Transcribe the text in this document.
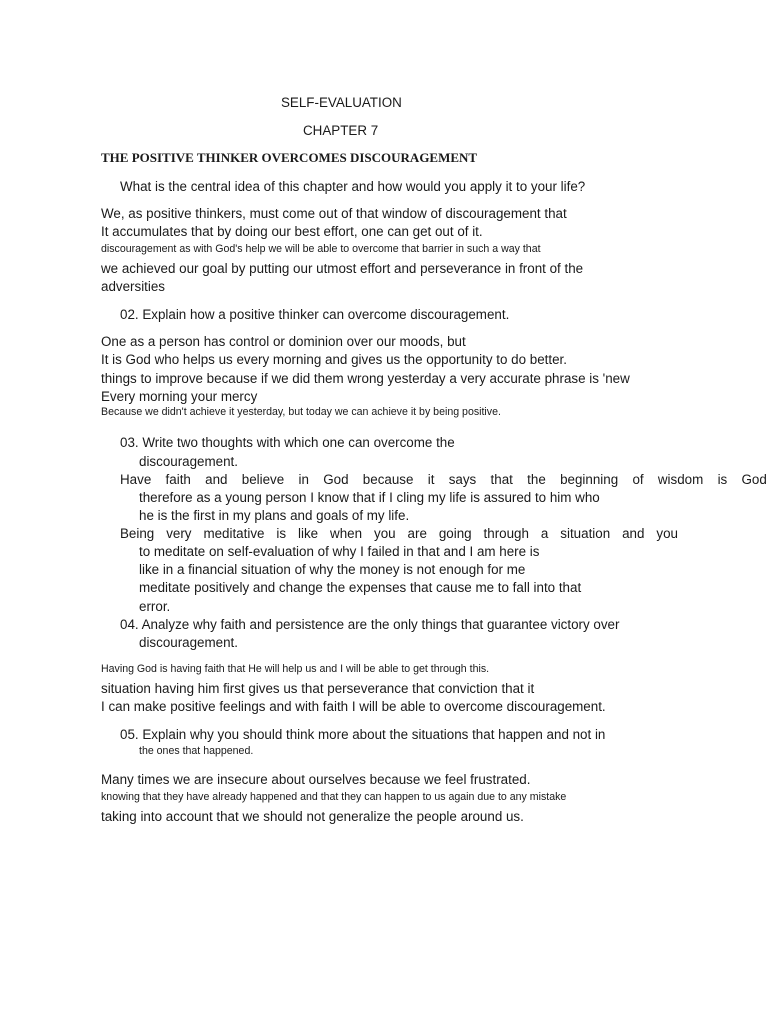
SELF-EVALUATION
CHAPTER 7
THE POSITIVE THINKER OVERCOMES DISCOURAGEMENT
What is the central idea of this chapter and how would you apply it to your life?
We, as positive thinkers, must come out of that window of discouragement that
It accumulates that by doing our best effort, one can get out of it.
discouragement as with God's help we will be able to overcome that barrier in such a way that
we achieved our goal by putting our utmost effort and perseverance in front of the
adversities
02. Explain how a positive thinker can overcome discouragement.
One as a person has control or dominion over our moods, but
It is God who helps us every morning and gives us the opportunity to do better.
things to improve because if we did them wrong yesterday a very accurate phrase is 'new
Every morning your mercy
Because we didn't achieve it yesterday, but today we can achieve it by being positive.
03. Write two thoughts with which one can overcome the
discouragement.
Have faith and believe in God because it says that the beginning of wisdom is God
therefore as a young person I know that if I cling my life is assured to him who
he is the first in my plans and goals of my life.
Being very meditative is like when you are going through a situation and you
to meditate on self-evaluation of why I failed in that and I am here is
like in a financial situation of why the money is not enough for me
meditate positively and change the expenses that cause me to fall into that
error.
04. Analyze why faith and persistence are the only things that guarantee victory over
discouragement.
Having God is having faith that He will help us and I will be able to get through this.
situation having him first gives us that perseverance that conviction that it
I can make positive feelings and with faith I will be able to overcome discouragement.
05. Explain why you should think more about the situations that happen and not in
the ones that happened.
Many times we are insecure about ourselves because we feel frustrated.
knowing that they have already happened and that they can happen to us again due to any mistake
taking into account that we should not generalize the people around us.
